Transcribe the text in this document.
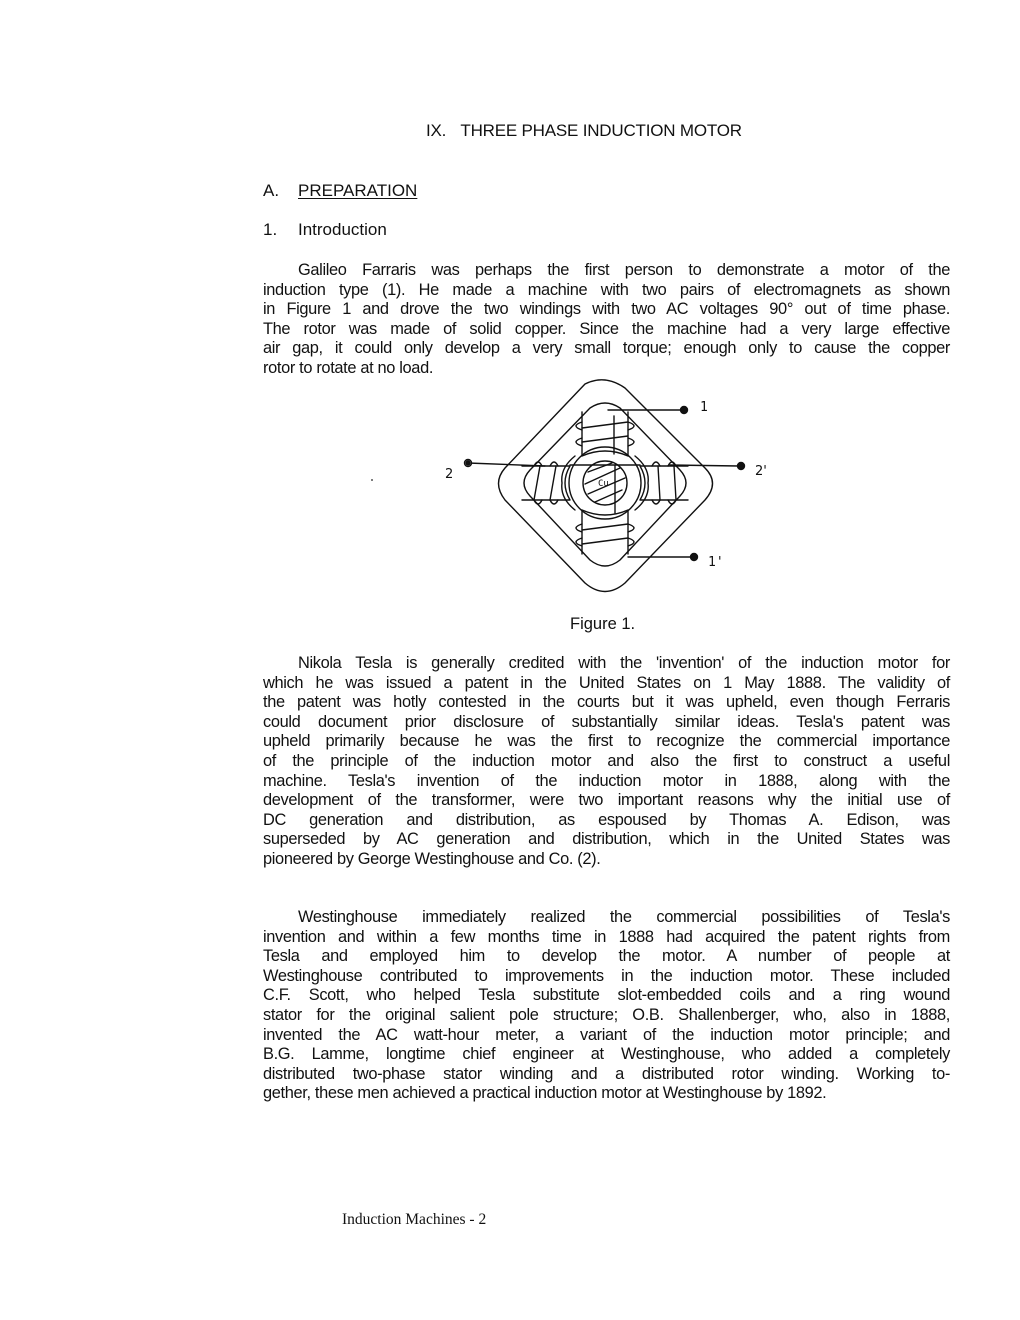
IX. THREE PHASE INDUCTION MOTOR
A. PREPARATION
1. Introduction
Galileo Farraris was perhaps the first person to demonstrate a motor of the
induction type (1). He made a machine with two pairs of electromagnets as shown
in Figure 1 and drove the two windings with two AC voltages 90° out of time phase.
The rotor was made of solid copper. Since the machine had a very large effective
air gap, it could only develop a very small torque; enough only to cause the copper
rotor to rotate at no load.
Cu
1
2	2'
1'
Figure 1.
Nikola Tesla is generally credited with the 'invention' of the induction motor for
which he was issued a patent in the United States on 1 May 1888. The validity of
the patent was hotly contested in the courts but it was upheld, even though Ferraris
could document prior disclosure of substantially similar ideas. Tesla's patent was
upheld primarily because he was the first to recognize the commercial importance
of the principle of the induction motor and also the first to construct a useful
machine. Tesla's invention of the induction motor in 1888, along with the
development of the transformer, were two important reasons why the initial use of
DC generation and distribution, as espoused by Thomas A. Edison, was
superseded by AC generation and distribution, which in the United States was
pioneered by George Westinghouse and Co. (2).
Westinghouse immediately realized the commercial possibilities of Tesla's
invention and within a few months time in 1888 had acquired the patent rights from
Tesla and employed him to develop the motor. A number of people at
Westinghouse contributed to improvements in the induction motor. These included
C.F. Scott, who helped Tesla substitute slot-embedded coils and a ring wound
stator for the original salient pole structure; O.B. Shallenberger, who, also in 1888,
invented the AC watt-hour meter, a variant of the induction motor principle; and
B.G. Lamme, longtime chief engineer at Westinghouse, who added a completely
distributed two-phase stator winding and a distributed rotor winding. Working to-
gether, these men achieved a practical induction motor at Westinghouse by 1892.
Induction Machines - 2
